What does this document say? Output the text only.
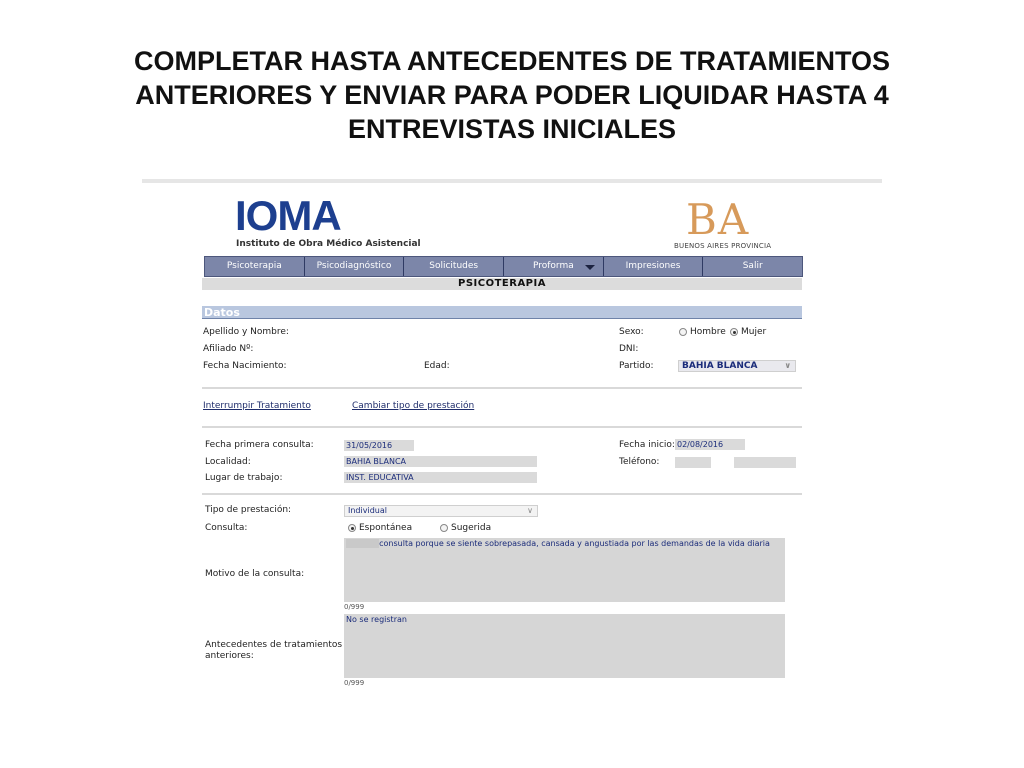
COMPLETAR HASTA ANTECEDENTES DE TRATAMIENTOS
ANTERIORES Y ENVIAR PARA PODER LIQUIDAR HASTA 4
ENTREVISTAS INICIALES
IOMA
Instituto de Obra Médico Asistencial	BA
BUENOS AIRES PROVINCIA
Psicoterapia	Psicodiagnóstico	Solicitudes	Proforma	Impresiones	Salir
PSICOTERAPIA
Datos
Apellido y Nombre:
Afiliado Nº:
Fecha Nacimiento:	Edad:
Sexo:	Hombre Mujer
DNI:
Partido:	BAHIA BLANCA	∨
Interrumpir Tratamiento	Cambiar tipo de prestación
Fecha primera consulta:	31/05/2016
Localidad:	BAHIA BLANCA
Lugar de trabajo:	INST. EDUCATIVA
Fecha inicio: 02/08/2016
Teléfono:
Tipo de prestación:	Individual	∨
Consulta:	Espontánea	Sugerida
Motivo de la consulta:
consulta porque se siente sobrepasada, cansada y angustiada por las demandas de la vida diaria
0/999
Antecedentes de tratamientos
anteriores:
No se registran
0/999
